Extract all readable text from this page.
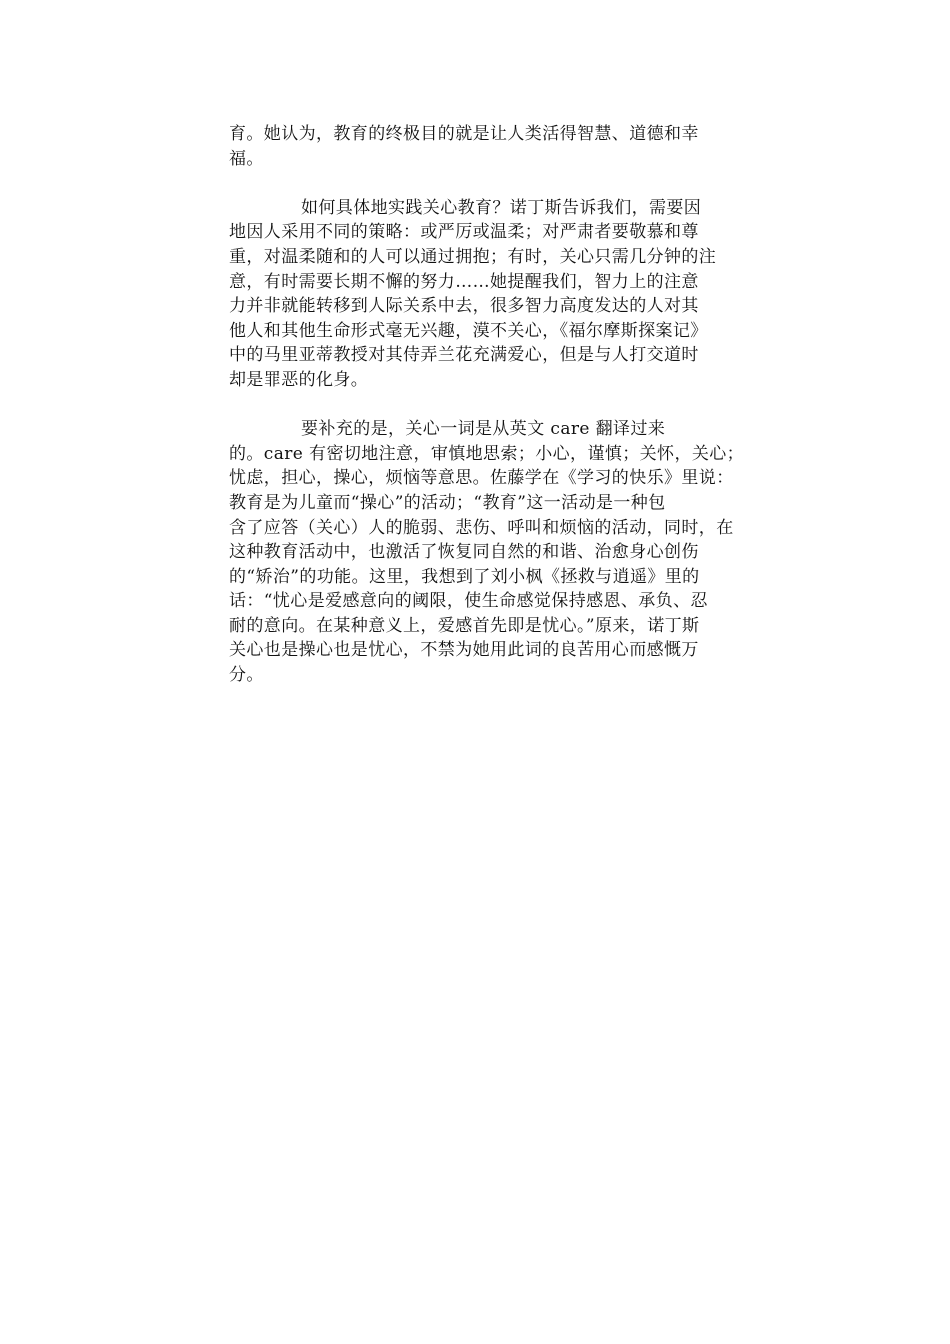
育。她认为，教育的终极目的就是让人类活得智慧、道德和幸
福。

如何具体地实践关心教育？诺丁斯告诉我们，需要因
地因人采用不同的策略：或严厉或温柔；对严肃者要敬慕和尊
重，对温柔随和的人可以通过拥抱；有时，关心只需几分钟的注
意，有时需要长期不懈的努力……她提醒我们，智力上的注意
力并非就能转移到人际关系中去，很多智力高度发达的人对其
他人和其他生命形式毫无兴趣，漠不关心，《福尔摩斯探案记》
中的马里亚蒂教授对其侍弄兰花充满爱心，但是与人打交道时
却是罪恶的化身。

要补充的是，关心一词是从英文 care 翻译过来
的。care 有密切地注意，审慎地思索；小心，谨慎；关怀，关心；
忧虑，担心，操心，烦恼等意思。佐藤学在《学习的快乐》里说：
教育是为儿童而“操心”的活动；“教育”这一活动是一种包
含了应答（关心）人的脆弱、悲伤、呼叫和烦恼的活动，同时，在
这种教育活动中，也激活了恢复同自然的和谐、治愈身心创伤
的“矫治”的功能。这里，我想到了刘小枫《拯救与逍遥》里的
话：“忧心是爱感意向的阈限，使生命感觉保持感恩、承负、忍
耐的意向。在某种意义上，爱感首先即是忧心。”原来，诺丁斯
关心也是操心也是忧心，不禁为她用此词的良苦用心而感慨万
分。
